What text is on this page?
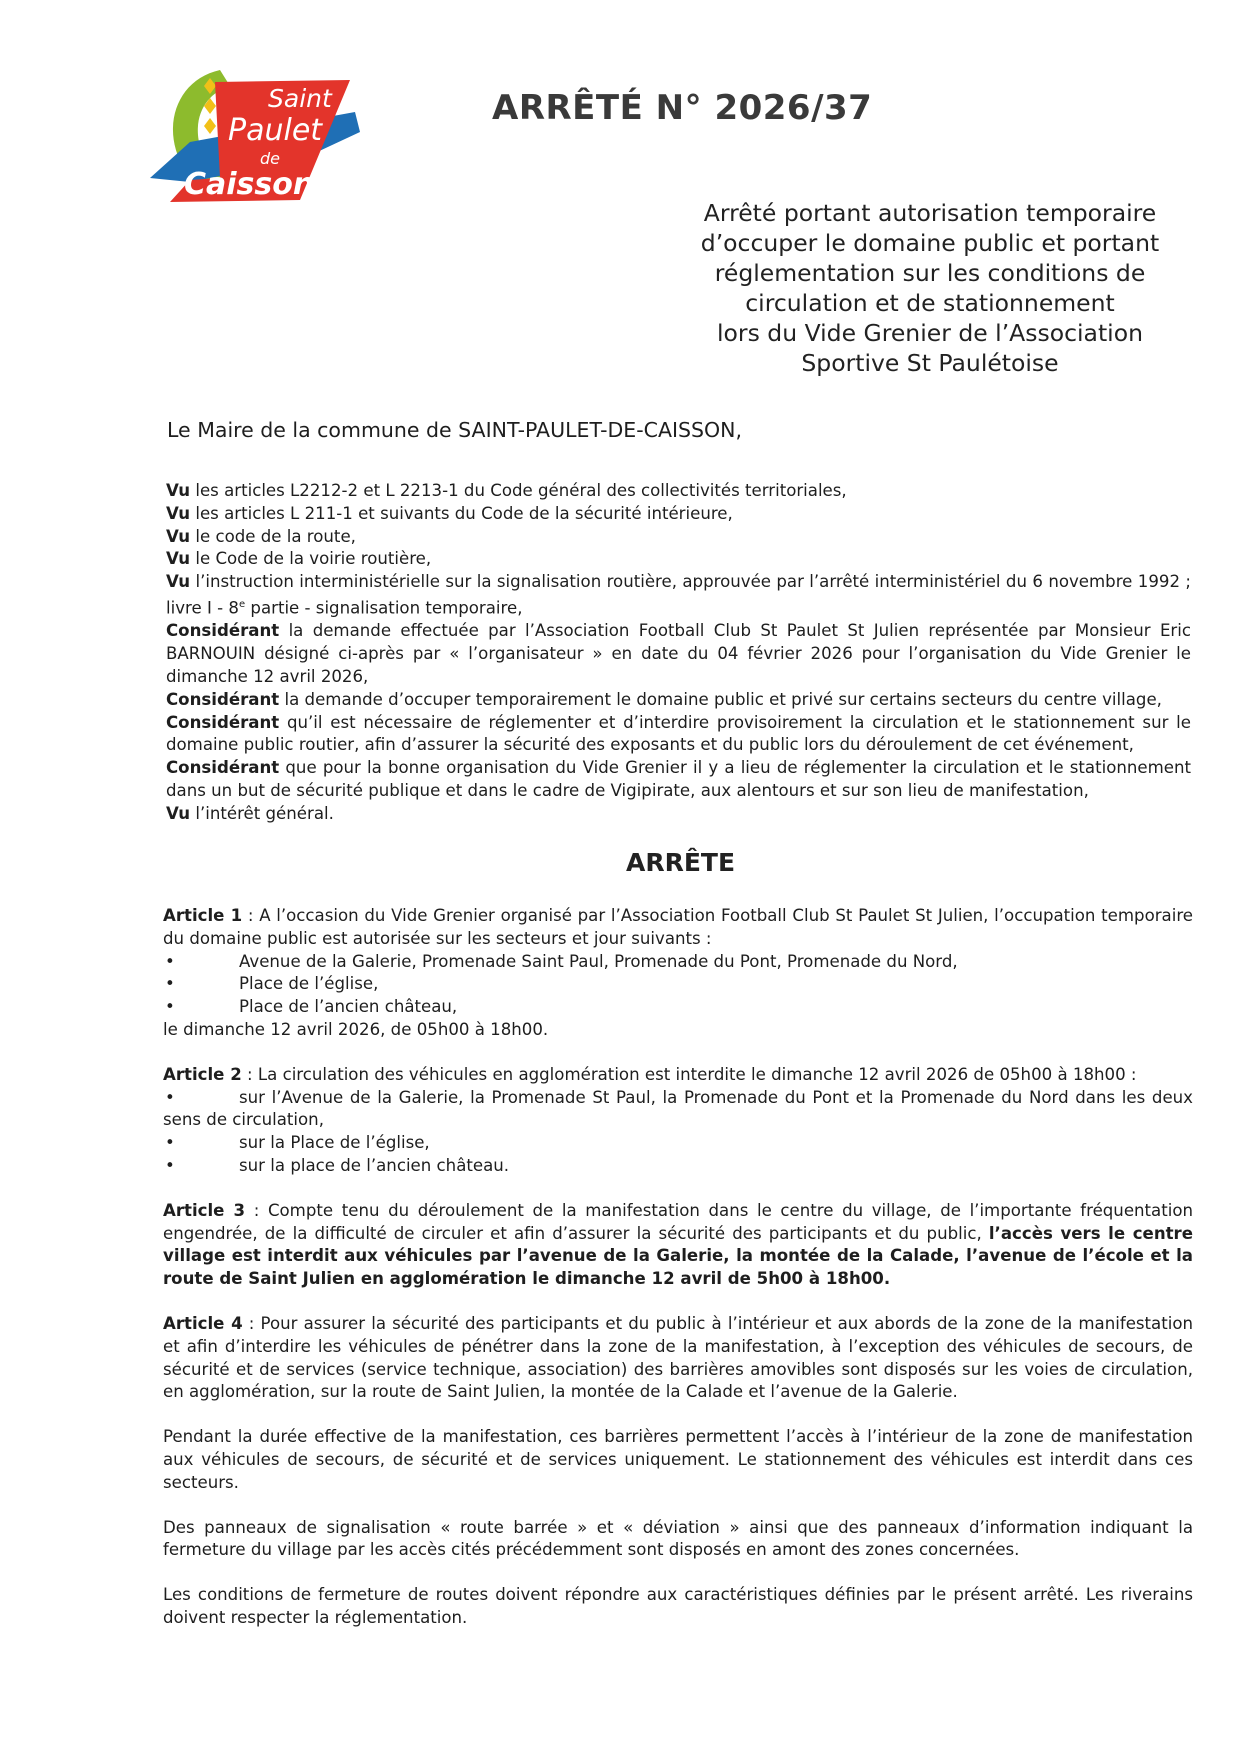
Saint
Paulet
de
Caisson
ARRÊTÉ N° 2026/37
Arrêté portant autorisation temporaire
d’occuper le domaine public et portant
réglementation sur les conditions de
circulation et de stationnement
lors du Vide Grenier de l’Association
Sportive St Paulétoise
Le Maire de la commune de SAINT-PAULET-DE-CAISSON,
Vu les articles L2212-2 et L 2213-1 du Code général des collectivités territoriales,
Vu les articles L 211-1 et suivants du Code de la sécurité intérieure,
Vu le code de la route,
Vu le Code de la voirie routière,
Vu l’instruction interministérielle sur la signalisation routière, approuvée par l’arrêté interministériel du 6 novembre 1992 ; livre I - 8e partie - signalisation temporaire,
Considérant la demande effectuée par l’Association Football Club St Paulet St Julien représentée par Monsieur Eric BARNOUIN désigné ci-après par « l’organisateur » en date du 04 février 2026 pour l’organisation du Vide Grenier le dimanche 12 avril 2026,
Considérant la demande d’occuper temporairement le domaine public et privé sur certains secteurs du centre village,
Considérant qu’il est nécessaire de réglementer et d’interdire provisoirement la circulation et le stationnement sur le domaine public routier, afin d’assurer la sécurité des exposants et du public lors du déroulement de cet événement,
Considérant que pour la bonne organisation du Vide Grenier il y a lieu de réglementer la circulation et le stationnement dans un but de sécurité publique et dans le cadre de Vigipirate, aux alentours et sur son lieu de manifestation,
Vu l’intérêt général.
ARRÊTE
Article 1 : A l’occasion du Vide Grenier organisé par l’Association Football Club St Paulet St Julien, l’occupation temporaire du domaine public est autorisée sur les secteurs et jour suivants :
•	Avenue de la Galerie, Promenade Saint Paul, Promenade du Pont, Promenade du Nord,
•	Place de l’église,
•	Place de l’ancien château,
le dimanche 12 avril 2026, de 05h00 à 18h00.
Article 2 : La circulation des véhicules en agglomération est interdite le dimanche 12 avril 2026 de 05h00 à 18h00 :
•	sur l’Avenue de la Galerie, la Promenade St Paul, la Promenade du Pont et la Promenade du Nord dans les deux sens de circulation,
•	sur la Place de l’église,
•	sur la place de l’ancien château.
Article 3 : Compte tenu du déroulement de la manifestation dans le centre du village, de l’importante fréquentation engendrée, de la difficulté de circuler et afin d’assurer la sécurité des participants et du public, l’accès vers le centre village est interdit aux véhicules par l’avenue de la Galerie, la montée de la Calade, l’avenue de l’école et la route de Saint Julien en agglomération le dimanche 12 avril de 5h00 à 18h00.
Article 4 : Pour assurer la sécurité des participants et du public à l’intérieur et aux abords de la zone de la manifestation et afin d’interdire les véhicules de pénétrer dans la zone de la manifestation, à l’exception des véhicules de secours, de sécurité et de services (service technique, association) des barrières amovibles sont disposés sur les voies de circulation, en agglomération, sur la route de Saint Julien, la montée de la Calade et l’avenue de la Galerie.
Pendant la durée effective de la manifestation, ces barrières permettent l’accès à l’intérieur de la zone de manifestation aux véhicules de secours, de sécurité et de services uniquement. Le stationnement des véhicules est interdit dans ces secteurs.
Des panneaux de signalisation « route barrée » et « déviation » ainsi que des panneaux d’information indiquant la fermeture du village par les accès cités précédemment sont disposés en amont des zones concernées.
Les conditions de fermeture de routes doivent répondre aux caractéristiques définies par le présent arrêté. Les riverains doivent respecter la réglementation.
